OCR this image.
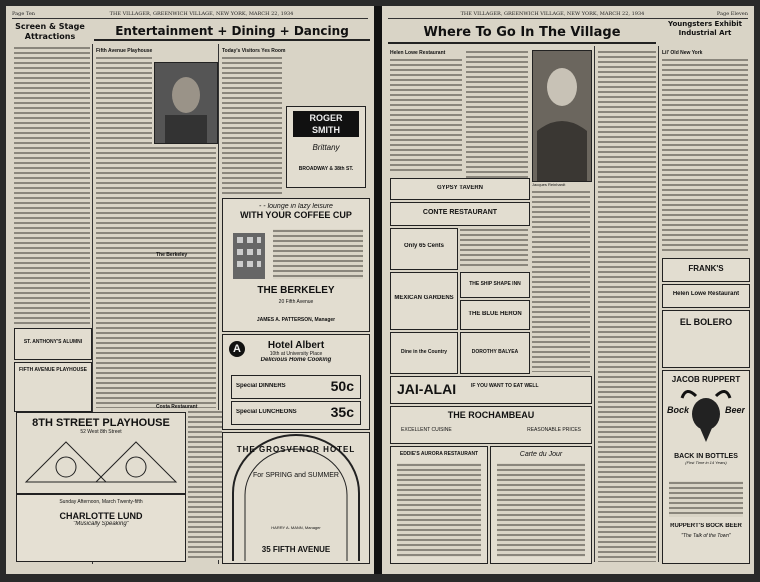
Page Ten	THE VILLAGER, GREENWICH VILLAGE, NEW YORK, MARCH 22, 1934
Screen & Stage
Attractions	Entertainment + Dining + Dancing
ST. ANTHONY'S ALUMNI
FIFTH AVENUE PLAYHOUSE
8TH STREET PLAYHOUSE
52 West 8th Street
Sunday Afternoon, March Twenty-fifth
CHARLOTTE LUND
"Musically Speaking"
Fifth Avenue Playhouse
The Berkeley
Today's Visitors Yes Room
Costa Restaurant
ROGER
SMITH
Brittany
BROADWAY & 38th ST.
- - lounge in lazy leisure
WITH YOUR COFFEE CUP
THE BERKELEY
20 Fifth Avenue
JAMES A. PATTERSON, Manager
A	Hotel Albert
10th at University Place
Delicious Home Cooking
Special DINNERS	50c
Special LUNCHEONS 35c
THE GROSVENOR HOTEL
For SPRING and SUMMER
HARRY A. MANN, Manager
35 FIFTH AVENUE
THE VILLAGER, GREENWICH VILLAGE, NEW YORK, MARCH 22, 1934	Page Eleven
Where To Go In The Village
Youngsters Exhibit
Industrial Art
Helen Lowe Restaurant
GYPSY TAVERN
CONTE RESTAURANT
Only 65 Cents
MEXICAN GARDENS
THE SHIP SHAPE INN
THE BLUE HERON
Dine in the Country	DOROTHY BALYEA
JAI-ALAI	IF YOU WANT TO EAT WELL
THE ROCHAMBEAU
EXCELLENT CUISINE	REASONABLE PRICES
EDDIE'S AURORA RESTAURANT	Carte du Jour
Jacques Reinhardt
Lil' Old New York
FRANK'S
Helen Lowe Restaurant
EL BOLERO
JACOB RUPPERT
Bock	Beer
BACK IN BOTTLES
(First Time in 14 Years)
RUPPERT'S BOCK BEER
"The Talk of the Town"
